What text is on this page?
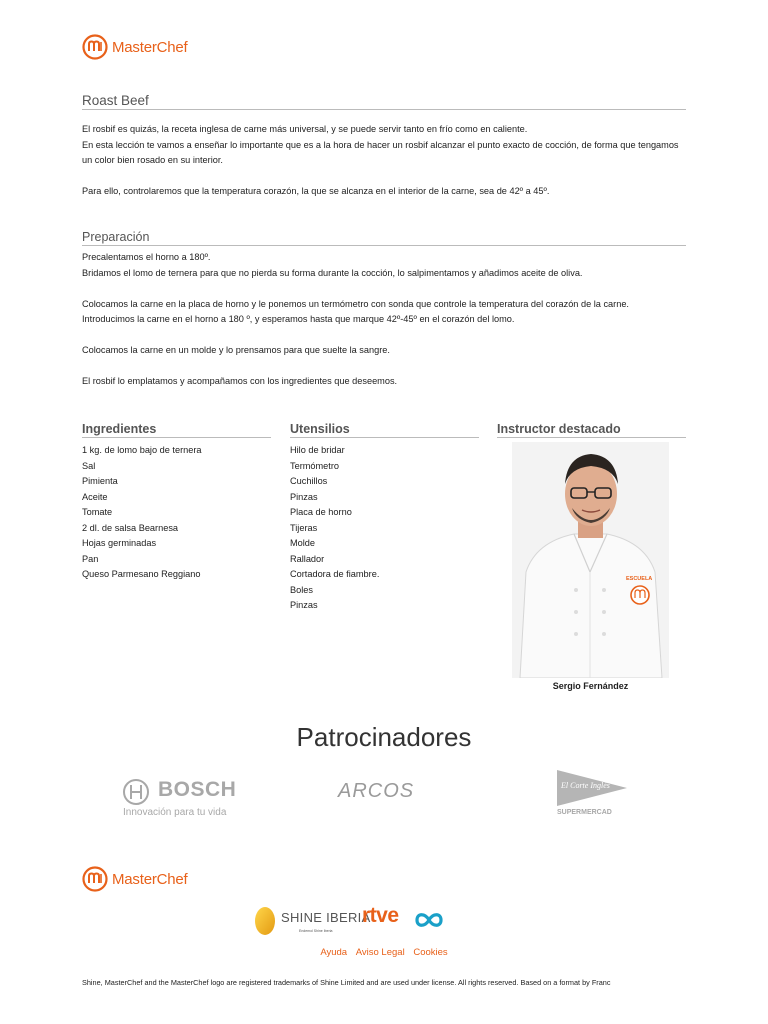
MasterChef
Roast Beef

El rosbif es quizás, la receta inglesa de carne más universal, y se puede servir tanto en frío como en caliente.

En esta lección te vamos a enseñar lo importante que es a la hora de hacer un rosbif alcanzar el punto exacto de cocción, de forma que tengamos un color bien rosado en su interior.

Para ello, controlaremos que la temperatura corazón, la que se alcanza en el interior de la carne, sea de 42º a 45º.

Preparación

Precalentamos el horno a 180º.

Bridamos el lomo de ternera para que no pierda su forma durante la cocción, lo salpimentamos y añadimos aceite de oliva.

Colocamos la carne en la placa de horno y le ponemos un termómetro con sonda que controle la temperatura del corazón de la carne.

Introducimos la carne en el horno a 180 º, y esperamos hasta que marque 42º-45º en el corazón del lomo.

Colocamos la carne en un molde y lo prensamos para que suelte la sangre.

El rosbif lo emplatamos y acompañamos con los ingredientes que deseemos.

Ingredientes
1 kg. de lomo bajo de ternera
Sal
Pimienta
Aceite
Tomate
2 dl. de salsa Bearnesa
Hojas germinadas
Pan
Queso Parmesano Reggiano
Utensilios
Hilo de bridar
Termómetro
Cuchillos
Pinzas
Placa de horno
Tijeras
Molde
Rallador
Cortadora de fiambre.
Boles
Pinzas
Instructor destacado
ESCUELA
Sergio Fernández
Patrocinadores
BOSCH
Innovación para tu vida
ARCOS	El Corte Inglés
SUPERMERCAD
MasterChef
SHINE IBERIA
Endemol Shine Iberia
rtve
Ayuda Aviso Legal Cookies
Shine, MasterChef and the MasterChef logo are registered trademarks of Shine Limited and are used under license. All rights reserved. Based on a format by Franc
